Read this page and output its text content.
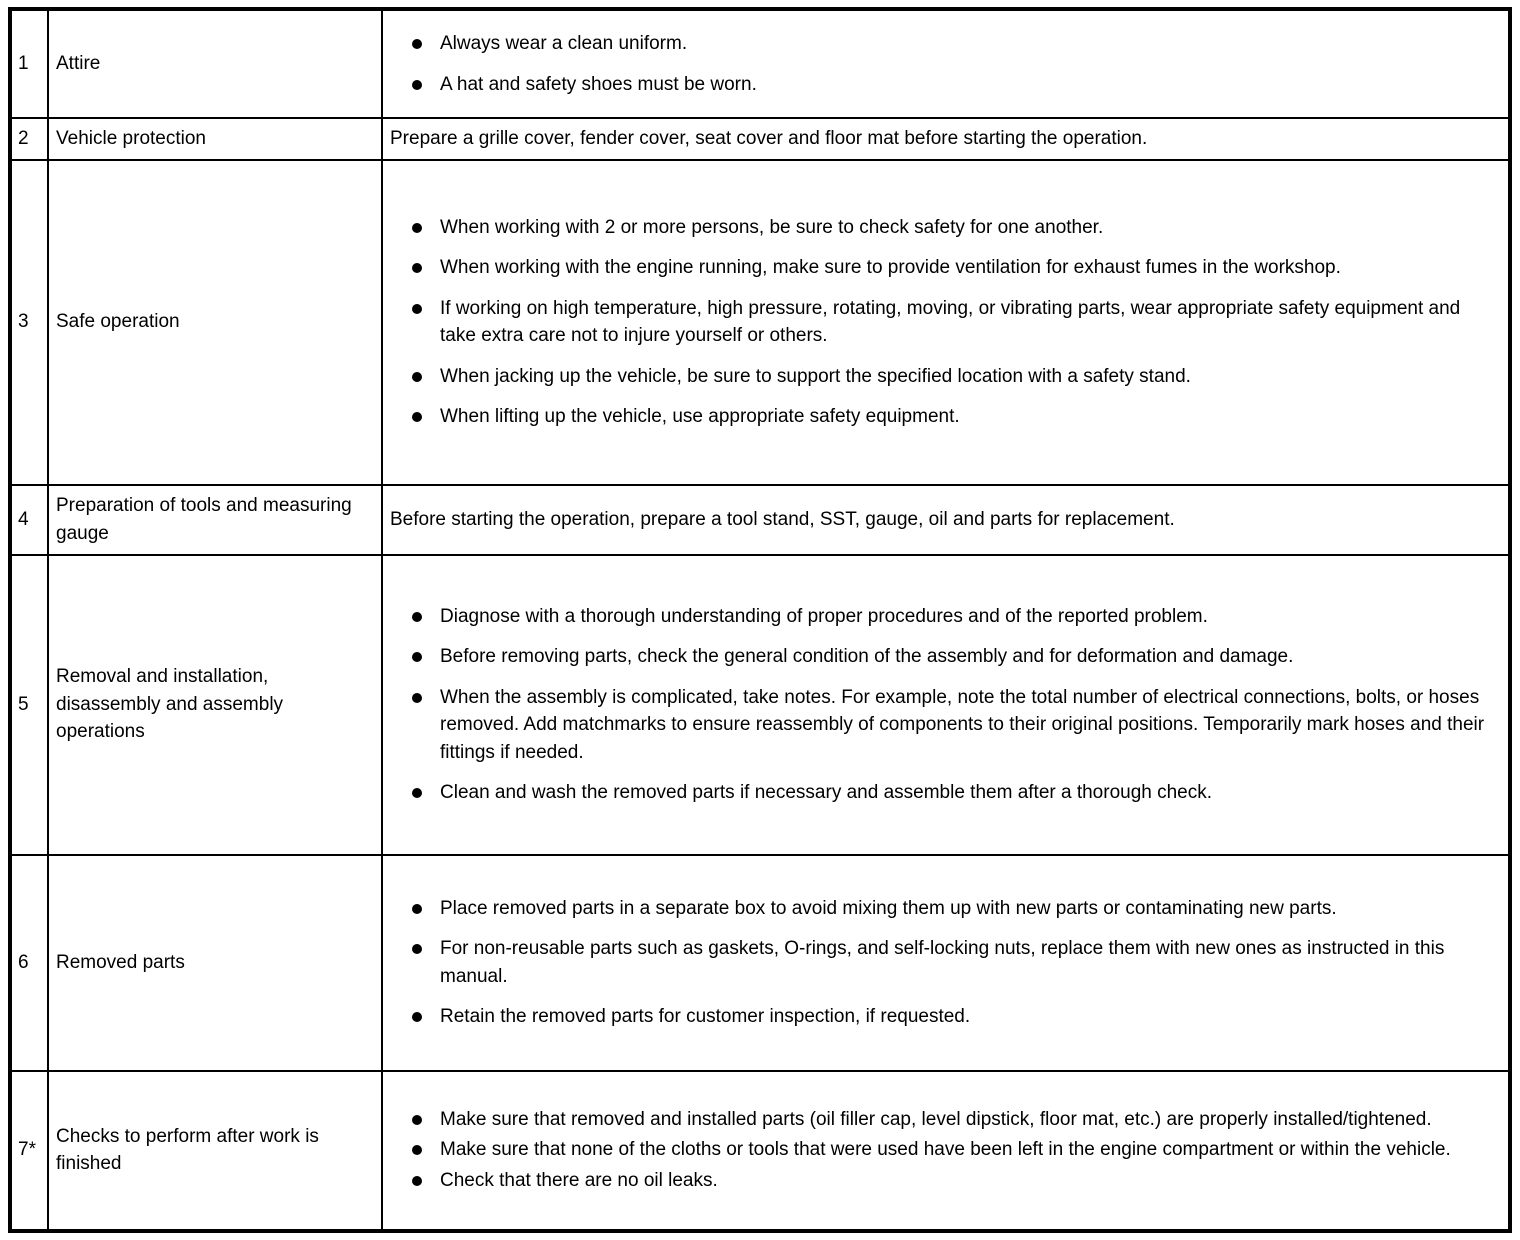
1	Attire	Always wear a clean uniform.
A hat and safety shoes must be worn.

2	Vehicle protection	Prepare a grille cover, fender cover, seat cover and floor mat before starting the operation.

3	Safe operation	When working with 2 or more persons, be sure to check safety for one another.
When working with the engine running, make sure to provide ventilation for exhaust fumes in the workshop.
If working on high temperature, high pressure, rotating, moving, or vibrating parts, wear appropriate safety equipment and take extra care not to injure yourself or others.
When jacking up the vehicle, be sure to support the specified location with a safety stand.
When lifting up the vehicle, use appropriate safety equipment.

4	Preparation of tools and measuring gauge	Before starting the operation, prepare a tool stand, SST, gauge, oil and parts for replacement.

5	Removal and installation, disassembly and assembly operations	Diagnose with a thorough understanding of proper procedures and of the reported problem.
Before removing parts, check the general condition of the assembly and for deformation and damage.
When the assembly is complicated, take notes. For example, note the total number of electrical connections, bolts, or hoses removed. Add matchmarks to ensure reassembly of components to their original positions. Temporarily mark hoses and their fittings if needed.
Clean and wash the removed parts if necessary and assemble them after a thorough check.

6	Removed parts	Place removed parts in a separate box to avoid mixing them up with new parts or contaminating new parts.
For non-reusable parts such as gaskets, O-rings, and self-locking nuts, replace them with new ones as instructed in this manual.
Retain the removed parts for customer inspection, if requested.

7*	Checks to perform after work is finished	Make sure that removed and installed parts (oil filler cap, level dipstick, floor mat, etc.) are properly installed/tightened.
Make sure that none of the cloths or tools that were used have been left in the engine compartment or within the vehicle.
Check that there are no oil leaks.
